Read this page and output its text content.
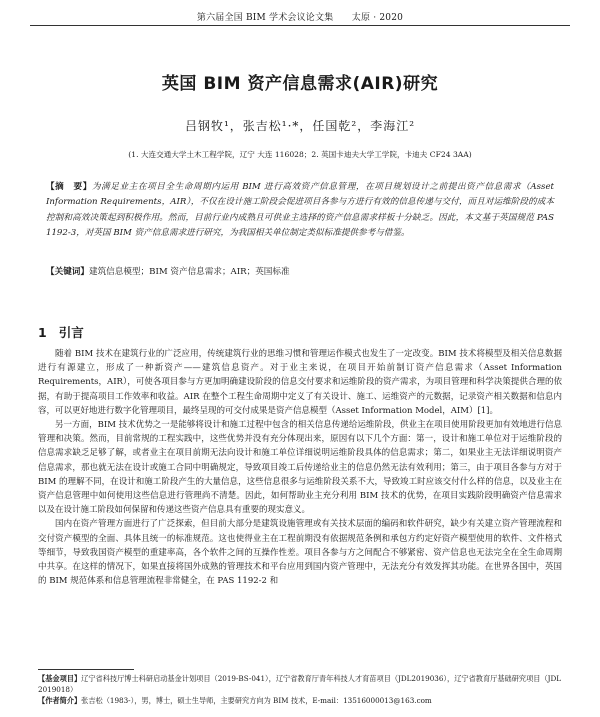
第六届全国 BIM 学术会议论文集　　太原 · 2020
英国 BIM 资产信息需求(AIR)研究
吕钢牧¹，张吉松¹·*，任国乾²，李海江²
(1. 大连交通大学土木工程学院，辽宁 大连 116028；2. 英国卡迪夫大学工学院，卡迪夫 CF24 3AA)
【摘　要】为满足业主在项目全生命周期内运用 BIM 进行高效资产信息管理，在项目规划设计之前提出资产信息需求（Asset Information Requirements，AIR），不仅在设计施工阶段会促进项目各参与方进行有效的信息传递与交付，而且对运维阶段的成本控制和高效决策起到积极作用。然而，目前行业内成熟且可供业主选择的资产信息需求样板十分缺乏。因此，本文基于英国规范 PAS 1192-3，对英国 BIM 资产信息需求进行研究，为我国相关单位制定类似标准提供参考与借鉴。
【关键词】建筑信息模型；BIM 资产信息需求；AIR；英国标准
1 引言

随着 BIM 技术在建筑行业的广泛应用，传统建筑行业的思维习惯和管理运作模式也发生了一定改变。BIM 技术将模型及相关信息数据进行有源建立，形成了一种新资产——建筑信息资产。对于业主来说，在项目开始前制订资产信息需求（Asset Information Requirements，AIR），可使各项目参与方更加明确建设阶段的信息交付要求和运维阶段的资产需求，为项目管理和科学决策提供合理的依据，有助于提高项目工作效率和收益。AIR 在整个工程生命周期中定义了有关设计、施工、运维资产的元数据，记录资产相关数据和信息内容，可以更好地进行数字化管理项目，最终呈现的可交付成果是资产信息模型（Asset Information Model，AIM）[1]。

另一方面，BIM 技术优势之一是能够将设计和施工过程中包含的相关信息传递给运维阶段，供业主在项目使用阶段更加有效地进行信息管理和决策。然而，目前常规的工程实践中，这些优势并没有充分体现出来，原因有以下几个方面：第一，设计和施工单位对于运维阶段的信息需求缺乏足够了解，或者业主在项目前期无法向设计和施工单位详细说明运维阶段具体的信息需求；第二，如果业主无法详细说明资产信息需求，那也就无法在设计或施工合同中明确规定，导致项目竣工后传递给业主的信息仍然无法有效利用；第三，由于项目各参与方对于 BIM 的理解不同，在设计和施工阶段产生的大量信息，这些信息很多与运维阶段关系不大，导致竣工时应该交付什么样的信息，以及业主在资产信息管理中如何使用这些信息进行管理尚不清楚。因此，如何帮助业主充分利用 BIM 技术的优势，在项目实践阶段明确资产信息需求以及在设计施工阶段如何保留和传递这些资产信息具有重要的现实意义。

国内在资产管理方面进行了广泛探索，但目前大部分是建筑设施管理或有关技术层面的编码和软件研究，缺少有关建立资产管理流程和交付资产模型的全面、具体且统一的标准规范。这也使得业主在工程前期没有依据规范条例和承包方约定好资产模型使用的软件、文件格式等细节，导致我国资产模型的重建率高，各个软件之间的互操作性差。项目各参与方之间配合不够紧密、资产信息也无法完全在全生命周期中共享。在这样的情况下，如果直接将国外成熟的管理技术和平台应用到国内资产管理中，无法充分有效发挥其功能。在世界各国中，英国的 BIM 规范体系和信息管理流程非常健全，在 PAS 1192-2 和

【基金项目】辽宁省科技厅博士科研启动基金计划项目（2019-BS-041），辽宁省教育厅青年科技人才育苗项目（JDL2019036），辽宁省教育厅基础研究项目（JDL 2019018）

【作者简介】张吉松（1983-），男，博士，硕士生导师，主要研究方向为 BIM 技术，E-mail：13516000013@163.com
